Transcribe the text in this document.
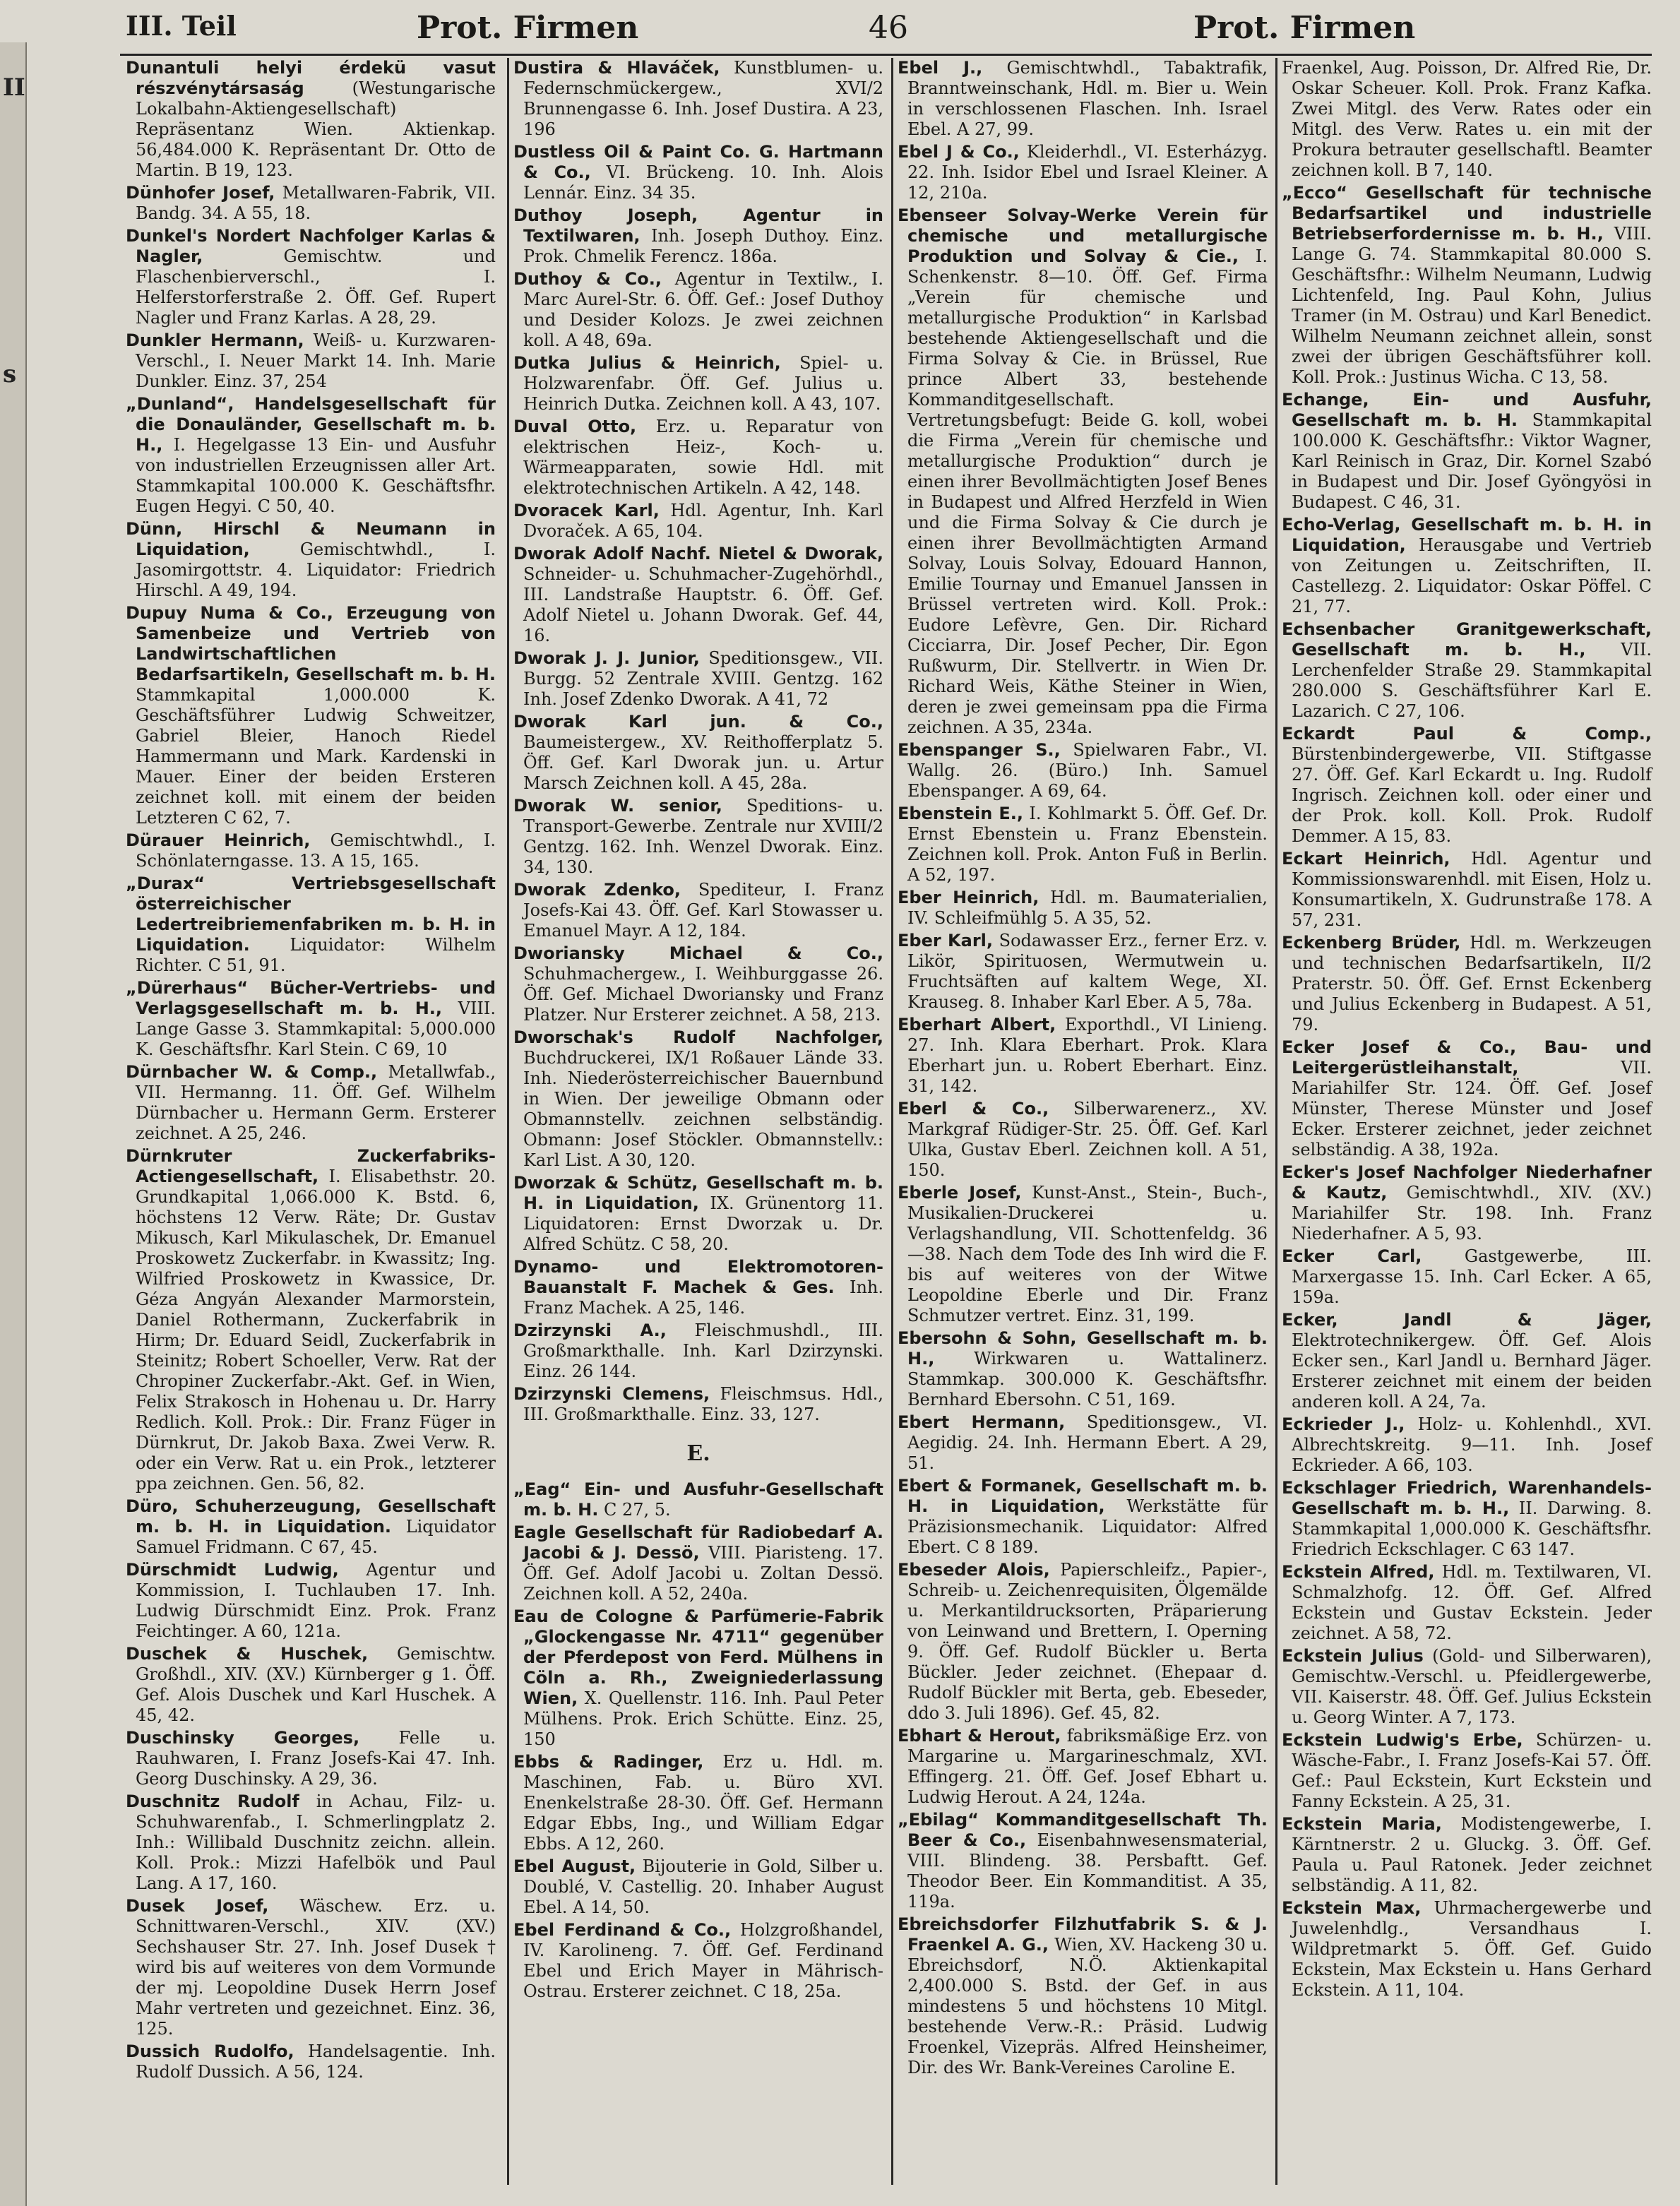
II
s
III. Teil	Prot. Firmen	46	Prot. Firmen
Dunantuli helyi érdekü vasut részvénytársaság (Westungarische Lokalbahn-Aktiengesellschaft) Repräsentanz Wien. Aktienkap. 56,484.000 K. Repräsentant Dr. Otto de Martin. B 19, 123.
Dünhofer Josef, Metallwaren-Fabrik, VII. Bandg. 34. A 55, 18.
Dunkel's Nordert Nachfolger Karlas & Nagler, Gemischtw. und Flaschenbierverschl., I. Helferstorferstraße 2. Öff. Gef. Rupert Nagler und Franz Karlas. A 28, 29.
Dunkler Hermann, Weiß- u. Kurzwaren-Verschl., I. Neuer Markt 14. Inh. Marie Dunkler. Einz. 37, 254
„Dunland“, Handelsgesellschaft für die Donauländer, Gesellschaft m. b. H., I. Hegelgasse 13 Ein- und Ausfuhr von industriellen Erzeugnissen aller Art. Stammkapital 100.000 K. Geschäftsfhr. Eugen Hegyi. C 50, 40.
Dünn, Hirschl & Neumann in Liquidation, Gemischtwhdl., I. Jasomirgottstr. 4. Liquidator: Friedrich Hirschl. A 49, 194.
Dupuy Numa & Co., Erzeugung von Samenbeize und Vertrieb von Landwirtschaftlichen Bedarfsartikeln, Gesellschaft m. b. H. Stammkapital 1,000.000 K. Geschäftsführer Ludwig Schweitzer, Gabriel Bleier, Hanoch Riedel Hammermann und Mark. Kardenski in Mauer. Einer der beiden Ersteren zeichnet koll. mit einem der beiden Letzteren C 62, 7.
Dürauer Heinrich, Gemischtwhdl., I. Schönlaterngasse. 13. A 15, 165.
„Durax“ Vertriebsgesellschaft österreichischer Ledertreibriemenfabriken m. b. H. in Liquidation. Liquidator: Wilhelm Richter. C 51, 91.
„Dürerhaus“ Bücher-Vertriebs- und Verlagsgesellschaft m. b. H., VIII. Lange Gasse 3. Stammkapital: 5,000.000 K. Geschäftsfhr. Karl Stein. C 69, 10
Dürnbacher W. & Comp., Metallwfab., VII. Hermanng. 11. Öff. Gef. Wilhelm Dürnbacher u. Hermann Germ. Ersterer zeichnet. A 25, 246.
Dürnkruter Zuckerfabriks-Actiengesellschaft, I. Elisabethstr. 20. Grundkapital 1,066.000 K. Bstd. 6, höchstens 12 Verw. Räte; Dr. Gustav Mikusch, Karl Mikulaschek, Dr. Emanuel Proskowetz Zuckerfabr. in Kwassitz; Ing. Wilfried Proskowetz in Kwassice, Dr. Géza Angyán Alexander Marmorstein, Daniel Rothermann, Zuckerfabrik in Hirm; Dr. Eduard Seidl, Zuckerfabrik in Steinitz; Robert Schoeller, Verw. Rat der Chropiner Zuckerfabr.-Akt. Gef. in Wien, Felix Strakosch in Hohenau u. Dr. Harry Redlich. Koll. Prok.: Dir. Franz Füger in Dürnkrut, Dr. Jakob Baxa. Zwei Verw. R. oder ein Verw. Rat u. ein Prok., letzterer ppa zeichnen. Gen. 56, 82.
Düro, Schuherzeugung, Gesellschaft m. b. H. in Liquidation. Liquidator Samuel Fridmann. C 67, 45.
Dürschmidt Ludwig, Agentur und Kommission, I. Tuchlauben 17. Inh. Ludwig Dürschmidt Einz. Prok. Franz Feichtinger. A 60, 121a.
Duschek & Huschek, Gemischtw. Großhdl., XIV. (XV.) Kürnberger g 1. Öff. Gef. Alois Duschek und Karl Huschek. A 45, 42.
Duschinsky Georges, Felle u. Rauhwaren, I. Franz Josefs-Kai 47. Inh. Georg Duschinsky. A 29, 36.
Duschnitz Rudolf in Achau, Filz- u. Schuhwarenfab., I. Schmerlingplatz 2. Inh.: Willibald Duschnitz zeichn. allein. Koll. Prok.: Mizzi Hafelbök und Paul Lang. A 17, 160.
Dusek Josef, Wäschew. Erz. u. Schnittwaren-Verschl., XIV. (XV.) Sechshauser Str. 27. Inh. Josef Dusek † wird bis auf weiteres von dem Vormunde der mj. Leopoldine Dusek Herrn Josef Mahr vertreten und gezeichnet. Einz. 36, 125.
Dussich Rudolfo, Handelsagentie. Inh. Rudolf Dussich. A 56, 124.
Dustira & Hlaváček, Kunstblumen- u. Federnschmückergew., XVI/2 Brunnengasse 6. Inh. Josef Dustira. A 23, 196
Dustless Oil & Paint Co. G. Hartmann & Co., VI. Brückeng. 10. Inh. Alois Lennár. Einz. 34 35.
Duthoy Joseph, Agentur in Textilwaren, Inh. Joseph Duthoy. Einz. Prok. Chmelik Ferencz. 186a.
Duthoy & Co., Agentur in Textilw., I. Marc Aurel-Str. 6. Öff. Gef.: Josef Duthoy und Desider Kolozs. Je zwei zeichnen koll. A 48, 69a.
Dutka Julius & Heinrich, Spiel- u. Holzwarenfabr. Öff. Gef. Julius u. Heinrich Dutka. Zeichnen koll. A 43, 107.
Duval Otto, Erz. u. Reparatur von elektrischen Heiz-, Koch- u. Wärmeapparaten, sowie Hdl. mit elektrotechnischen Artikeln. A 42, 148.
Dvoracek Karl, Hdl. Agentur, Inh. Karl Dvoraček. A 65, 104.
Dworak Adolf Nachf. Nietel & Dworak, Schneider- u. Schuhmacher-Zugehörhdl., III. Landstraße Hauptstr. 6. Öff. Gef. Adolf Nietel u. Johann Dworak. Gef. 44, 16.
Dworak J. J. Junior, Speditionsgew., VII. Burgg. 52 Zentrale XVIII. Gentzg. 162 Inh. Josef Zdenko Dworak. A 41, 72
Dworak Karl jun. & Co., Baumeistergew., XV. Reithofferplatz 5. Öff. Gef. Karl Dworak jun. u. Artur Marsch Zeichnen koll. A 45, 28a.
Dworak W. senior, Speditions- u. Transport-Gewerbe. Zentrale nur XVIII/2 Gentzg. 162. Inh. Wenzel Dworak. Einz. 34, 130.
Dworak Zdenko, Spediteur, I. Franz Josefs-Kai 43. Öff. Gef. Karl Stowasser u. Emanuel Mayr. A 12, 184.
Dworiansky Michael & Co., Schuhmachergew., I. Weihburggasse 26. Öff. Gef. Michael Dworiansky und Franz Platzer. Nur Ersterer zeichnet. A 58, 213.
Dworschak's Rudolf Nachfolger, Buchdruckerei, IX/1 Roßauer Lände 33. Inh. Niederösterreichischer Bauernbund in Wien. Der jeweilige Obmann oder Obmannstellv. zeichnen selbständig. Obmann: Josef Stöckler. Obmannstellv.: Karl List. A 30, 120.
Dworzak & Schütz, Gesellschaft m. b. H. in Liquidation, IX. Grünentorg 11. Liquidatoren: Ernst Dworzak u. Dr. Alfred Schütz. C 58, 20.
Dynamo- und Elektromotoren-Bauanstalt F. Machek & Ges. Inh. Franz Machek. A 25, 146.
Dzirzynski A., Fleischmushdl., III. Großmarkthalle. Inh. Karl Dzirzynski. Einz. 26 144.
Dzirzynski Clemens, Fleischmsus. Hdl., III. Großmarkthalle. Einz. 33, 127.
E.
„Eag“ Ein- und Ausfuhr-Gesellschaft m. b. H. C 27, 5.
Eagle Gesellschaft für Radiobedarf A. Jacobi & J. Dessö, VIII. Piaristeng. 17. Öff. Gef. Adolf Jacobi u. Zoltan Dessö. Zeichnen koll. A 52, 240a.
Eau de Cologne & Parfümerie-Fabrik „Glockengasse Nr. 4711“ gegenüber der Pferdepost von Ferd. Mülhens in Cöln a. Rh., Zweigniederlassung Wien, X. Quellenstr. 116. Inh. Paul Peter Mülhens. Prok. Erich Schütte. Einz. 25, 150
Ebbs & Radinger, Erz u. Hdl. m. Maschinen, Fab. u. Büro XVI. Enenkelstraße 28-30. Öff. Gef. Hermann Edgar Ebbs, Ing., und William Edgar Ebbs. A 12, 260.
Ebel August, Bijouterie in Gold, Silber u. Doublé, V. Castellig. 20. Inhaber August Ebel. A 14, 50.
Ebel Ferdinand & Co., Holzgroßhandel, IV. Karolineng. 7. Öff. Gef. Ferdinand Ebel und Erich Mayer in Mährisch-Ostrau. Ersterer zeichnet. C 18, 25a.
Ebel J., Gemischtwhdl., Tabaktrafik, Branntweinschank, Hdl. m. Bier u. Wein in verschlossenen Flaschen. Inh. Israel Ebel. A 27, 99.
Ebel J & Co., Kleiderhdl., VI. Esterházyg. 22. Inh. Isidor Ebel und Israel Kleiner. A 12, 210a.
Ebenseer Solvay-Werke Verein für chemische und metallurgische Produktion und Solvay & Cie., I. Schenkenstr. 8—10. Öff. Gef. Firma „Verein für chemische und metallurgische Produktion“ in Karlsbad bestehende Aktiengesellschaft und die Firma Solvay & Cie. in Brüssel, Rue prince Albert 33, bestehende Kommanditgesellschaft. Vertretungsbefugt: Beide G. koll, wobei die Firma „Verein für chemische und metallurgische Produktion“ durch je einen ihrer Bevollmächtigten Josef Benes in Budapest und Alfred Herzfeld in Wien und die Firma Solvay & Cie durch je einen ihrer Bevollmächtigten Armand Solvay, Louis Solvay, Edouard Hannon, Emilie Tournay und Emanuel Janssen in Brüssel vertreten wird. Koll. Prok.: Eudore Lefèvre, Gen. Dir. Richard Cicciarra, Dir. Josef Pecher, Dir. Egon Rußwurm, Dir. Stellvertr. in Wien Dr. Richard Weis, Käthe Steiner in Wien, deren je zwei gemeinsam ppa die Firma zeichnen. A 35, 234a.
Ebenspanger S., Spielwaren Fabr., VI. Wallg. 26. (Büro.) Inh. Samuel Ebenspanger. A 69, 64.
Ebenstein E., I. Kohlmarkt 5. Öff. Gef. Dr. Ernst Ebenstein u. Franz Ebenstein. Zeichnen koll. Prok. Anton Fuß in Berlin. A 52, 197.
Eber Heinrich, Hdl. m. Baumaterialien, IV. Schleifmühlg 5. A 35, 52.
Eber Karl, Sodawasser Erz., ferner Erz. v. Likör, Spirituosen, Wermutwein u. Fruchtsäften auf kaltem Wege, XI. Krauseg. 8. Inhaber Karl Eber. A 5, 78a.
Eberhart Albert, Exporthdl., VI Linieng. 27. Inh. Klara Eberhart. Prok. Klara Eberhart jun. u. Robert Eberhart. Einz. 31, 142.
Eberl & Co., Silberwarenerz., XV. Markgraf Rüdiger-Str. 25. Öff. Gef. Karl Ulka, Gustav Eberl. Zeichnen koll. A 51, 150.
Eberle Josef, Kunst-Anst., Stein-, Buch-, Musikalien-Druckerei u. Verlagshandlung, VII. Schottenfeldg. 36—38. Nach dem Tode des Inh wird die F. bis auf weiteres von der Witwe Leopoldine Eberle und Dir. Franz Schmutzer vertret. Einz. 31, 199.
Ebersohn & Sohn, Gesellschaft m. b. H., Wirkwaren u. Wattalinerz. Stammkap. 300.000 K. Geschäftsfhr. Bernhard Ebersohn. C 51, 169.
Ebert Hermann, Speditionsgew., VI. Aegidig. 24. Inh. Hermann Ebert. A 29, 51.
Ebert & Formanek, Gesellschaft m. b. H. in Liquidation, Werkstätte für Präzisionsmechanik. Liquidator: Alfred Ebert. C 8 189.
Ebeseder Alois, Papierschleifz., Papier-, Schreib- u. Zeichenrequisiten, Ölgemälde u. Merkantildrucksorten, Präparierung von Leinwand und Brettern, I. Operning 9. Öff. Gef. Rudolf Bückler u. Berta Bückler. Jeder zeichnet. (Ehepaar d. Rudolf Bückler mit Berta, geb. Ebeseder, ddo 3. Juli 1896). Gef. 45, 82.
Ebhart & Herout, fabriksmäßige Erz. von Margarine u. Margarineschmalz, XVI. Effingerg. 21. Öff. Gef. Josef Ebhart u. Ludwig Herout. A 24, 124a.
„Ebilag“ Kommanditgesellschaft Th. Beer & Co., Eisenbahnwesensmaterial, VIII. Blindeng. 38. Persbaftt. Gef. Theodor Beer. Ein Kommanditist. A 35, 119a.
Ebreichsdorfer Filzhutfabrik S. & J. Fraenkel A. G., Wien, XV. Hackeng 30 u. Ebreichsdorf, N.Ö. Aktienkapital 2,400.000 S. Bstd. der Gef. in aus mindestens 5 und höchstens 10 Mitgl. bestehende Verw.-R.: Präsid. Ludwig Froenkel, Vizepräs. Alfred Heinsheimer, Dir. des Wr. Bank-Vereines Caroline E.
Fraenkel, Aug. Poisson, Dr. Alfred Rie, Dr. Oskar Scheuer. Koll. Prok. Franz Kafka. Zwei Mitgl. des Verw. Rates oder ein Mitgl. des Verw. Rates u. ein mit der Prokura betrauter gesellschaftl. Beamter zeichnen koll. B 7, 140.
„Ecco“ Gesellschaft für technische Bedarfsartikel und industrielle Betriebserfordernisse m. b. H., VIII. Lange G. 74. Stammkapital 80.000 S. Geschäftsfhr.: Wilhelm Neumann, Ludwig Lichtenfeld, Ing. Paul Kohn, Julius Tramer (in M. Ostrau) und Karl Benedict. Wilhelm Neumann zeichnet allein, sonst zwei der übrigen Geschäftsführer koll. Koll. Prok.: Justinus Wicha. C 13, 58.
Echange, Ein- und Ausfuhr, Gesellschaft m. b. H. Stammkapital 100.000 K. Geschäftsfhr.: Viktor Wagner, Karl Reinisch in Graz, Dir. Kornel Szabó in Budapest und Dir. Josef Gyöngyösi in Budapest. C 46, 31.
Echo-Verlag, Gesellschaft m. b. H. in Liquidation, Herausgabe und Vertrieb von Zeitungen u. Zeitschriften, II. Castellezg. 2. Liquidator: Oskar Pöffel. C 21, 77.
Echsenbacher Granitgewerkschaft, Gesellschaft m. b. H., VII. Lerchenfelder Straße 29. Stammkapital 280.000 S. Geschäftsführer Karl E. Lazarich. C 27, 106.
Eckardt Paul & Comp., Bürstenbindergewerbe, VII. Stiftgasse 27. Öff. Gef. Karl Eckardt u. Ing. Rudolf Ingrisch. Zeichnen koll. oder einer und der Prok. koll. Koll. Prok. Rudolf Demmer. A 15, 83.
Eckart Heinrich, Hdl. Agentur und Kommissionswarenhdl. mit Eisen, Holz u. Konsumartikeln, X. Gudrunstraße 178. A 57, 231.
Eckenberg Brüder, Hdl. m. Werkzeugen und technischen Bedarfsartikeln, II/2 Praterstr. 50. Öff. Gef. Ernst Eckenberg und Julius Eckenberg in Budapest. A 51, 79.
Ecker Josef & Co., Bau- und Leitergerüstleihanstalt, VII. Mariahilfer Str. 124. Öff. Gef. Josef Münster, Therese Münster und Josef Ecker. Ersterer zeichnet, jeder zeichnet selbständig. A 38, 192a.
Ecker's Josef Nachfolger Niederhafner & Kautz, Gemischtwhdl., XIV. (XV.) Mariahilfer Str. 198. Inh. Franz Niederhafner. A 5, 93.
Ecker Carl, Gastgewerbe, III. Marxergasse 15. Inh. Carl Ecker. A 65, 159a.
Ecker, Jandl & Jäger, Elektrotechnikergew. Öff. Gef. Alois Ecker sen., Karl Jandl u. Bernhard Jäger. Ersterer zeichnet mit einem der beiden anderen koll. A 24, 7a.
Eckrieder J., Holz- u. Kohlenhdl., XVI. Albrechtskreitg. 9—11. Inh. Josef Eckrieder. A 66, 103.
Eckschlager Friedrich, Warenhandels-Gesellschaft m. b. H., II. Darwing. 8. Stammkapital 1,000.000 K. Geschäftsfhr. Friedrich Eckschlager. C 63 147.
Eckstein Alfred, Hdl. m. Textilwaren, VI. Schmalzhofg. 12. Öff. Gef. Alfred Eckstein und Gustav Eckstein. Jeder zeichnet. A 58, 72.
Eckstein Julius (Gold- und Silberwaren), Gemischtw.-Verschl. u. Pfeidlergewerbe, VII. Kaiserstr. 48. Öff. Gef. Julius Eckstein u. Georg Winter. A 7, 173.
Eckstein Ludwig's Erbe, Schürzen- u. Wäsche-Fabr., I. Franz Josefs-Kai 57. Öff. Gef.: Paul Eckstein, Kurt Eckstein und Fanny Eckstein. A 25, 31.
Eckstein Maria, Modistengewerbe, I. Kärntnerstr. 2 u. Gluckg. 3. Öff. Gef. Paula u. Paul Ratonek. Jeder zeichnet selbständig. A 11, 82.
Eckstein Max, Uhrmachergewerbe und Juwelenhdlg., Versandhaus I. Wildpretmarkt 5. Öff. Gef. Guido Eckstein, Max Eckstein u. Hans Gerhard Eckstein. A 11, 104.
